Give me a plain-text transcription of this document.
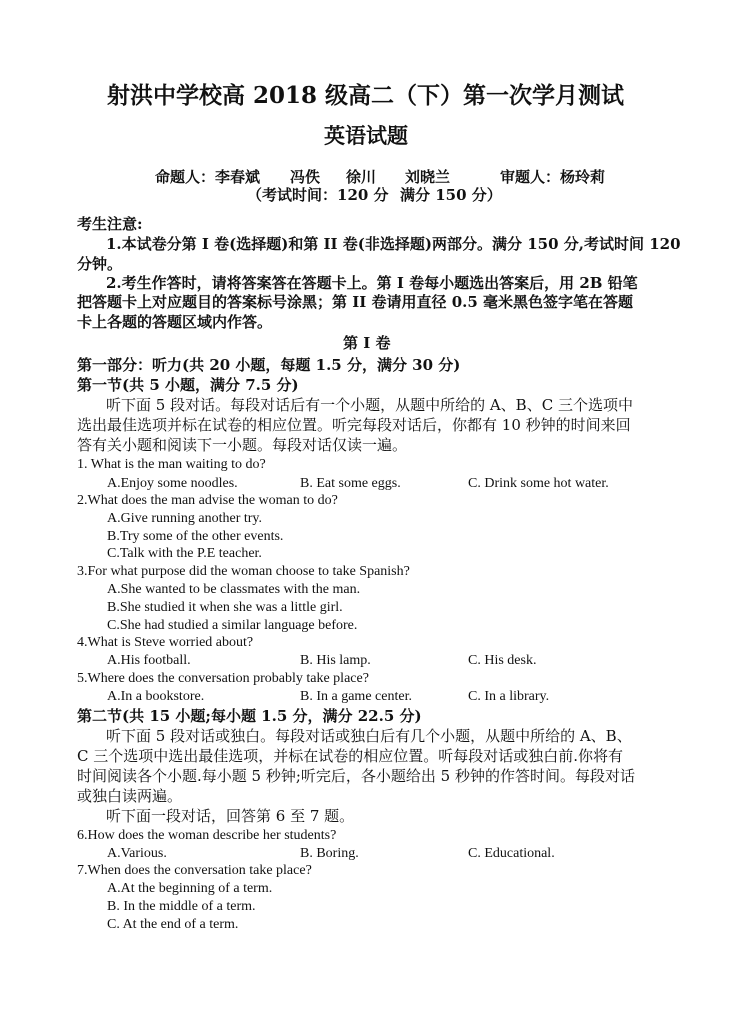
射洪中学校高 2018 级高二（下）第一次学月测试
英语试题
命题人：李春斌 冯佚 徐川 刘晓兰	审题人：杨玲莉
（考试时间：120 分 满分 150 分）
考生注意:
1.本试卷分第 I 卷(选择题)和第 II 卷(非选择题)两部分。满分 150 分,考试时间 120
分钟。
2.考生作答时，请将答案答在答题卡上。第 I 卷每小题选出答案后，用 2B 铅笔
把答题卡上对应题目的答案标号涂黑；第 II 卷请用直径 0.5 毫米黑色签字笔在答题
卡上各题的答题区域内作答。
第 I 卷
第一部分：听力(共 20 小题，每题 1.5 分，满分 30 分)
第一节(共 5 小题，满分 7.5 分)
听下面 5 段对话。每段对话后有一个小题，从题中所给的 A、B、C 三个选项中
选出最佳选项并标在试卷的相应位置。听完每段对话后，你都有 10 秒钟的时间来回
答有关小题和阅读下一小题。每段对话仅读一遍。
1. What is the man waiting to do?
A.Enjoy some noodles.	B. Eat some eggs.	C. Drink some hot water.
2.What does the man advise the woman to do?
A.Give running another try.
B.Try some of the other events.
C.Talk with the P.E teacher.
3.For what purpose did the woman choose to take Spanish?
A.She wanted to be classmates with the man.
B.She studied it when she was a little girl.
C.She had studied a similar language before.
4.What is Steve worried about?
A.His football.	B. His lamp.	C. His desk.
5.Where does the conversation probably take place?
A.In a bookstore.	B. In a game center.	C. In a library.
第二节(共 15 小题;每小题 1.5 分，满分 22.5 分)
听下面 5 段对话或独白。每段对话或独白后有几个小题，从题中所给的 A、B、
C 三个选项中选出最佳选项，并标在试卷的相应位置。听每段对话或独白前.你将有
时间阅读各个小题.每小题 5 秒钟;听完后，各小题给出 5 秒钟的作答时间。每段对话
或独白读两遍。
听下面一段对话，回答第 6 至 7 题。
6.How does the woman describe her students?
A.Various.	B. Boring.	C. Educational.
7.When does the conversation take place?
A.At the beginning of a term.
B. In the middle of a term.
C. At the end of a term.
